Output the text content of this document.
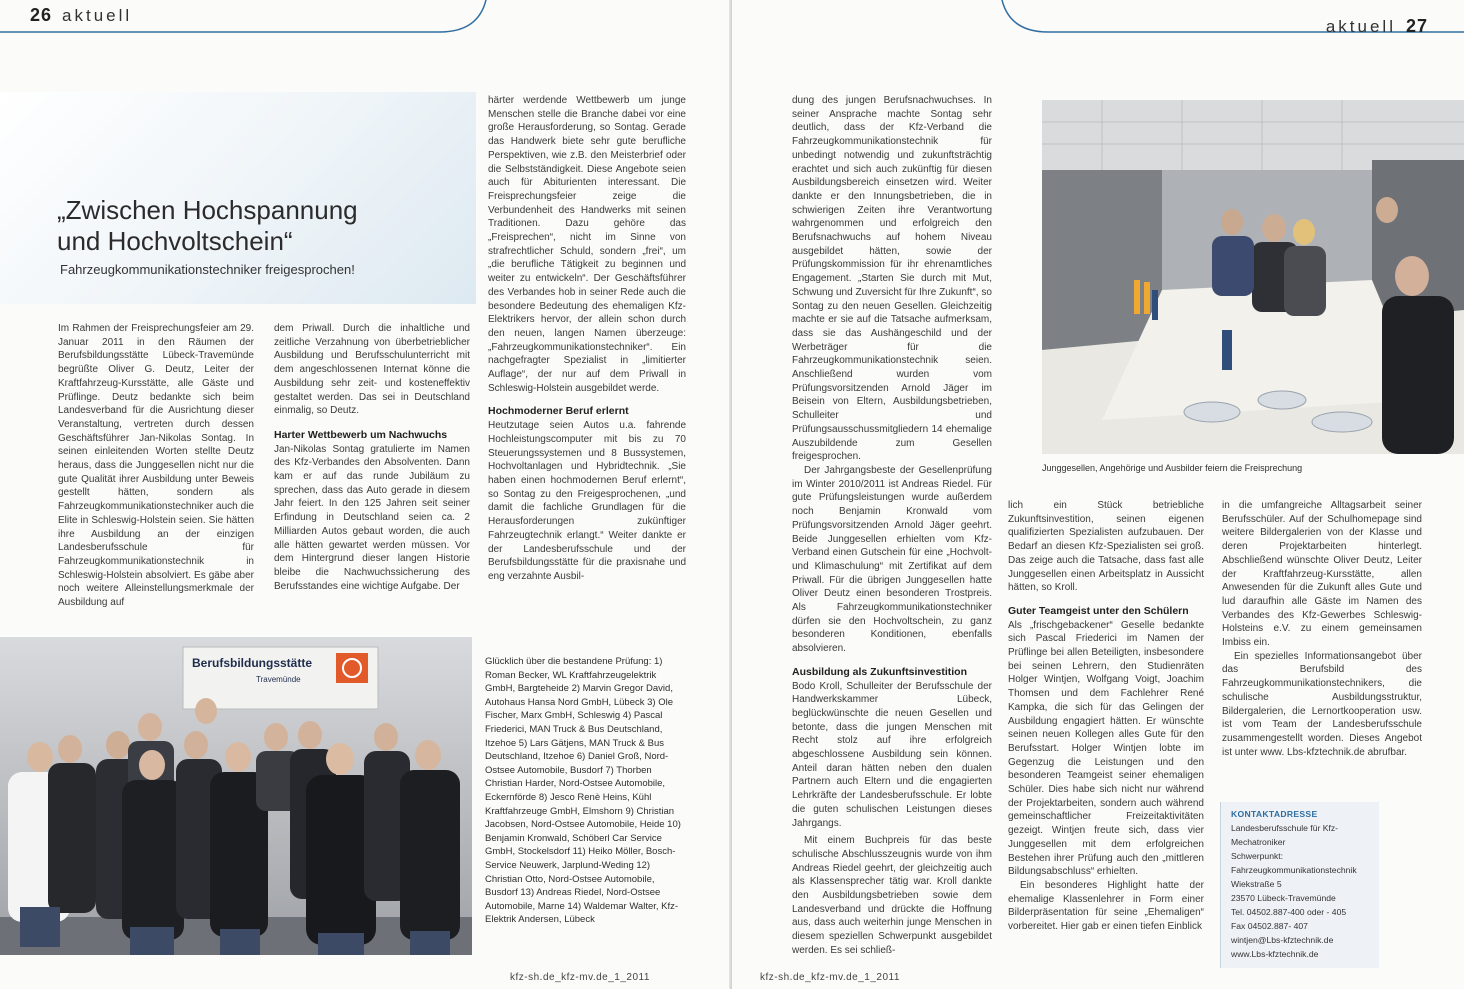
26 aktuell
„Zwischen Hochspannung
und Hochvoltschein“
Fahrzeugkommunikationstechniker freigesprochen!

Im Rahmen der Freisprechungsfeier am 29. Januar 2011 in den Räumen der Berufsbildungsstätte Lübeck-Travemünde begrüßte Oliver G. Deutz, Leiter der Kraftfahrzeug-Kursstätte, alle Gäste und Prüflinge. Deutz bedankte sich beim Landesverband für die Ausrichtung dieser Veranstaltung, vertreten durch dessen Geschäftsführer Jan-Nikolas Sontag. In seinen einleitenden Worten stellte Deutz heraus, dass die Junggesellen nicht nur die gute Qualität ihrer Ausbildung unter Beweis gestellt hätten, sondern als Fahrzeugkommunikationstechniker auch die Elite in Schleswig-Holstein seien. Sie hätten ihre Ausbildung an der einzigen Landesberufsschule für Fahrzeugkommunikationstechnik in Schleswig-Holstein absolviert. Es gäbe aber noch weitere Alleinstellungsmerkmale der Ausbildung auf

dem Priwall. Durch die inhaltliche und zeitliche Verzahnung von überbetrieblicher Ausbildung und Berufsschulunterricht mit dem angeschlossenen Internat könne die Ausbildung sehr zeit- und kosteneffektiv gestaltet werden. Das sei in Deutschland einmalig, so Deutz.

Harter Wettbewerb um Nachwuchs

Jan-Nikolas Sontag gratulierte im Namen des Kfz-Verbandes den Absolventen. Dann kam er auf das runde Jubiläum zu sprechen, dass das Auto gerade in diesem Jahr feiert. In den 125 Jahren seit seiner Erfindung in Deutschland seien ca. 2 Milliarden Autos gebaut worden, die auch alle hätten gewartet werden müssen. Vor dem Hintergrund dieser langen Historie bleibe die Nachwuchssicherung des Berufsstandes eine wichtige Aufgabe. Der

härter werdende Wettbewerb um junge Menschen stelle die Branche dabei vor eine große Herausforderung, so Sontag. Gerade das Handwerk biete sehr gute berufliche Perspektiven, wie z.B. den Meisterbrief oder die Selbstständigkeit. Diese Angebote seien auch für Abiturienten interessant. Die Freisprechungsfeier zeige die Verbundenheit des Handwerks mit seinen Traditionen. Dazu gehöre das „Freisprechen“, nicht im Sinne von strafrechtlicher Schuld, sondern „frei“, um „die berufliche Tätigkeit zu beginnen und weiter zu entwickeln“. Der Geschäftsführer des Verbandes hob in seiner Rede auch die besondere Bedeutung des ehemaligen Kfz-Elektrikers hervor, der allein schon durch den neuen, langen Namen überzeuge: „Fahrzeugkommunikationstechniker“. Ein nachgefragter Spezialist in „limitierter Auflage“, der nur auf dem Priwall in Schleswig-Holstein ausgebildet werde.

Hochmoderner Beruf erlernt

Heutzutage seien Autos u.a. fahrende Hochleistungscomputer mit bis zu 70 Steuerungssystemen und 8 Bussystemen, Hochvoltanlagen und Hybridtechnik. „Sie haben einen hochmodernen Beruf erlernt“, so Sontag zu den Freigesprochenen, „und damit die fachliche Grundlagen für die Herausforderungen zukünftiger Fahrzeugtechnik erlangt.“ Weiter dankte er der Landesberufsschule und der Berufsbildungsstätte für die praxisnahe und eng verzahnte Ausbil-

Berufsbildungsstätte
Travemünde

Glücklich über die bestandene Prüfung: 1) Roman Becker, WL Kraftfahrzeugelektrik GmbH, Bargteheide 2) Marvin Gregor David, Autohaus Hansa Nord GmbH, Lübeck 3) Ole Fischer, Marx GmbH, Schleswig 4) Pascal Friederici, MAN Truck & Bus Deutschland, Itzehoe 5) Lars Gätjens, MAN Truck & Bus Deutschland, Itzehoe 6) Daniel Groß, Nord-Ostsee Automobile, Busdorf 7) Thorben Christian Harder, Nord-Ostsee Automobile, Eckernförde 8) Jesco Renè Heins, Kühl Kraftfahrzeuge GmbH, Elmshorn 9) Christian Jacobsen, Nord-Ostsee Automobile, Heide 10) Benjamin Kronwald, Schöberl Car Service GmbH, Stockelsdorf 11) Heiko Möller, Bosch-Service Neuwerk, Jarplund-Weding 12) Christian Otto, Nord-Ostsee Automobile, Busdorf 13) Andreas Riedel, Nord-Ostsee Automobile, Marne 14) Waldemar Walter, Kfz-Elektrik Andersen, Lübeck

kfz-sh.de_kfz-mv.de_1_2011
aktuell 27
Junggesellen, Angehörige und Ausbilder feiern die Freisprechung

dung des jungen Berufsnachwuchses. In seiner Ansprache machte Sontag sehr deutlich, dass der Kfz-Verband die Fahrzeugkommunikationstechnik für unbedingt notwendig und zukunftsträchtig erachtet und sich auch zukünftig für diesen Ausbildungsbereich einsetzen wird. Weiter dankte er den Innungsbetrieben, die in schwierigen Zeiten ihre Verantwortung wahrgenommen und erfolgreich den Berufsnachwuchs auf hohem Niveau ausgebildet hätten, sowie der Prüfungskommission für ihr ehrenamtliches Engagement. „Starten Sie durch mit Mut, Schwung und Zuversicht für Ihre Zukunft“, so Sontag zu den neuen Gesellen. Gleichzeitig machte er sie auf die Tatsache aufmerksam, dass sie das Aushängeschild und der Werbeträger für die Fahrzeugkommunikationstechnik seien. Anschließend wurden vom Prüfungsvorsitzenden Arnold Jäger im Beisein von Eltern, Ausbildungsbetrieben, Schulleiter und Prüfungsausschussmitgliedern 14 ehemalige Auszubildende zum Gesellen freigesprochen.

Der Jahrgangsbeste der Gesellenprüfung im Winter 2010/2011 ist Andreas Riedel. Für gute Prüfungsleistungen wurde außerdem noch Benjamin Kronwald vom Prüfungsvorsitzenden Arnold Jäger geehrt. Beide Junggesellen erhielten vom Kfz-Verband einen Gutschein für eine „Hochvolt- und Klimaschulung“ mit Zertifikat auf dem Priwall. Für die übrigen Junggesellen hatte Oliver Deutz einen besonderen Trostpreis. Als Fahrzeugkommunikationstechniker dürfen sie den Hochvoltschein, zu ganz besonderen Konditionen, ebenfalls absolvieren.

Ausbildung als Zukunftsinvestition

Bodo Kroll, Schulleiter der Berufsschule der Handwerkskammer Lübeck, beglückwünschte die neuen Gesellen und betonte, dass die jungen Menschen mit Recht stolz auf ihre erfolgreich abgeschlossene Ausbildung sein können. Anteil daran hätten neben den dualen Partnern auch Eltern und die engagierten Lehrkräfte der Landesberufsschule. Er lobte die guten schulischen Leistungen dieses Jahrgangs.

Mit einem Buchpreis für das beste schulische Abschlusszeugnis wurde von ihm Andreas Riedel geehrt, der gleichzeitig auch als Klassensprecher tätig war. Kroll dankte den Ausbildungsbetrieben sowie dem Landesverband und drückte die Hoffnung aus, dass auch weiterhin junge Menschen in diesem speziellen Schwerpunkt ausgebildet werden. Es sei schließ-

lich ein Stück betriebliche Zukunftsinvestition, seinen eigenen qualifizierten Spezialisten aufzubauen. Der Bedarf an diesen Kfz-Spezialisten sei groß. Das zeige auch die Tatsache, dass fast alle Junggesellen einen Arbeitsplatz in Aussicht hätten, so Kroll.

Guter Teamgeist unter den Schülern

Als „frischgebackener“ Geselle bedankte sich Pascal Friederici im Namen der Prüflinge bei allen Beteiligten, insbesondere bei seinen Lehrern, den Studienräten Holger Wintjen, Wolfgang Voigt, Joachim Thomsen und dem Fachlehrer René Kampka, die sich für das Gelingen der Ausbildung engagiert hätten. Er wünschte seinen neuen Kollegen alles Gute für den Berufsstart. Holger Wintjen lobte im Gegenzug die Leistungen und den besonderen Teamgeist seiner ehemaligen Schüler. Dies habe sich nicht nur während der Projektarbeiten, sondern auch während gemeinschaftlicher Freizeitaktivitäten gezeigt. Wintjen freute sich, dass vier Junggesellen mit dem erfolgreichen Bestehen ihrer Prüfung auch den „mittleren Bildungsabschluss“ erhielten.

Ein besonderes Highlight hatte der ehemalige Klassenlehrer in Form einer Bilderpräsentation für seine „Ehemaligen“ vorbereitet. Hier gab er einen tiefen Einblick

in die umfangreiche Alltagsarbeit seiner Berufsschüler. Auf der Schulhomepage sind weitere Bildergalerien von der Klasse und deren Projektarbeiten hinterlegt. Abschließend wünschte Oliver Deutz, Leiter der Kraftfahrzeug-Kursstätte, allen Anwesenden für die Zukunft alles Gute und lud daraufhin alle Gäste im Namen des Verbandes des Kfz-Gewerbes Schleswig-Holsteins e.V. zu einem gemeinsamen Imbiss ein.

Ein spezielles Informationsangebot über das Berufsbild des Fahrzeugkommunikationstechnikers, die schulische Ausbildungsstruktur, Bildergalerien, die Lernortkooperation usw. ist vom Team der Landesberufsschule zusammengestellt worden. Dieses Angebot ist unter www. Lbs-kfztechnik.de abrufbar.

KONTAKTADRESSE
Landesberufsschule für Kfz-Mechatroniker
Schwerpunkt:
Fahrzeugkommunikationstechnik
Wiekstraße 5
23570 Lübeck-Travemünde
Tel. 04502.887-400 oder - 405
Fax 04502.887- 407
wintjen@Lbs-kfztechnik.de
www.Lbs-kfztechnik.de
kfz-sh.de_kfz-mv.de_1_2011
